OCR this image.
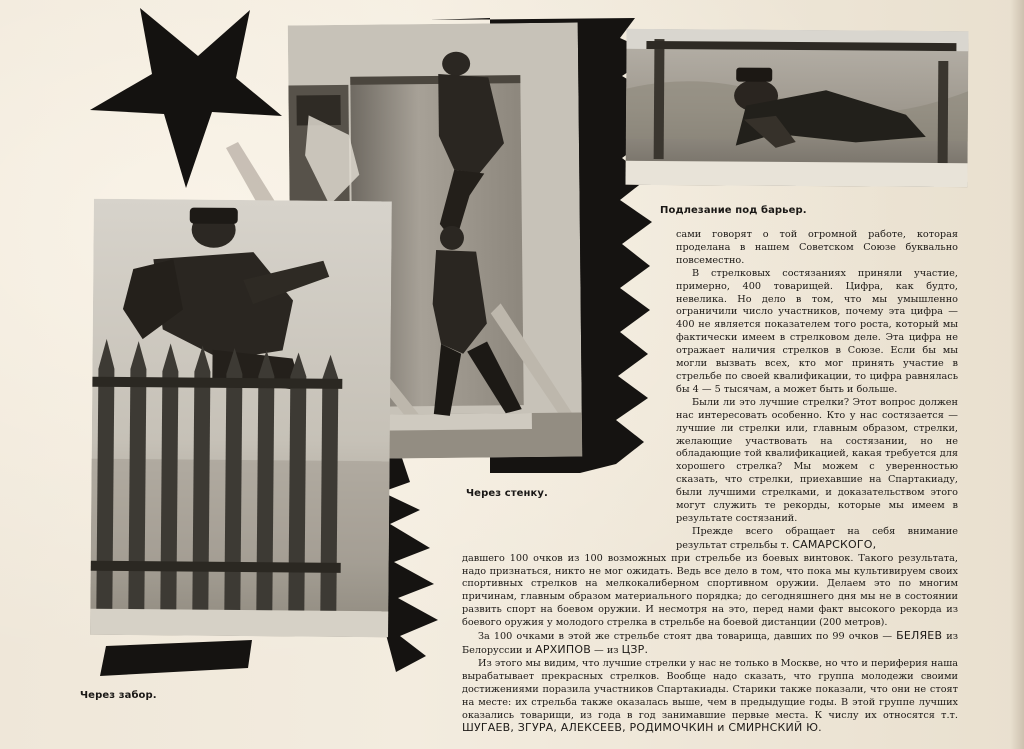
Подлезание под барьер.
Через стенку.
Через забор.

сами говорят о той огромной работе, которая проделана в нашем Советском Союзе буквально повсеместно.

В стрелковых состязаниях приняли участие, примерно, 400 товарищей. Цифра, как будто, невелика. Но дело в том, что мы умышленно ограничили число участников, почему эта цифра — 400 не является показателем того роста, который мы фактически имеем в стрелковом деле. Эта цифра не отражает наличия стрелков в Союзе. Если бы мы могли вызвать всех, кто мог принять участие в стрельбе по своей квалификации, то цифра равнялась бы 4 — 5 тысячам, а может быть и больше.

Были ли это лучшие стрелки? Этот вопрос должен нас интересовать особенно. Кто у нас состязается — лучшие ли стрелки или, главным образом, стрелки, желающие участвовать на состязании, но не обладающие той квалификацией, какая требуется для хорошего стрелка? Мы можем с уверенностью сказать, что стрелки, приехавшие на Спартакиаду, были лучшими стрелками, и доказательством этого могут служить те рекорды, которые мы имеем в результате состязаний.

Прежде всего обращает на себя внимание результат стрельбы т. САМАРСКОГО,

давшего 100 очков из 100 возможных при стрельбе из боевых винтовок. Такого результата, надо признаться, никто не мог ожидать. Ведь все дело в том, что пока мы культивируем своих спортивных стрелков на мелкокалиберном спортивном оружии. Делаем это по многим причинам, главным образом материального порядка; до сегодняшнего дня мы не в состоянии развить спорт на боевом оружии. И несмотря на это, перед нами факт высокого рекорда из боевого оружия у молодого стрелка в стрельбе на боевой дистанции (200 метров).

За 100 очками в этой же стрельбе стоят два товарища, давших по 99 очков — БЕЛЯЕВ из Белоруссии и АРХИПОВ — из ЦЗР.

Из этого мы видим, что лучшие стрелки у нас не только в Москве, но что и периферия наша вырабатывает прекрасных стрелков. Вообще надо сказать, что группа молодежи своими достижениями поразила участников Спартакиады. Старики также показали, что они не стоят на месте: их стрельба также оказалась выше, чем в предыдущие годы. В этой группе лучших оказались товарищи, из года в год занимавшие первые места. К числу их относятся т.т. ШУГАЕВ, ЗГУРА, АЛЕКСЕЕВ, РОДИМОЧКИН и СМИРНСКИЙ Ю.
